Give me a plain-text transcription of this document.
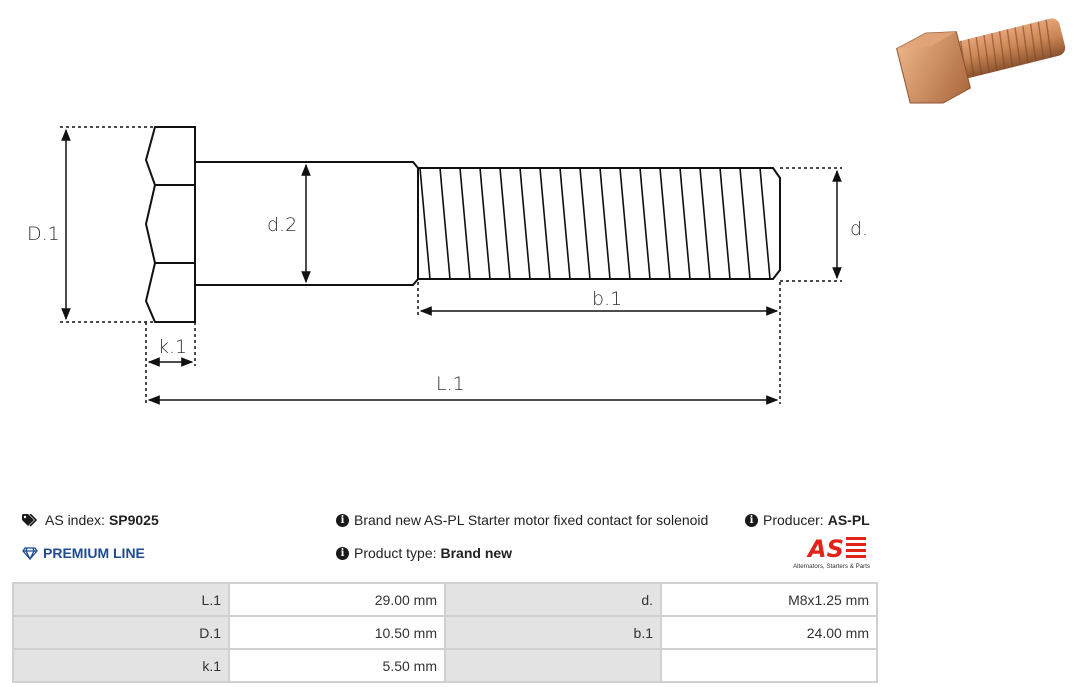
D.1	d.2	d.
b.1
k.1
L.1
AS index: SP9025
PREMIUM LINE
i Brand new AS-PL Starter motor fixed contact for solenoid	i Producer: AS-PL
i Product type: Brand new	AS
Alternators, Starters & Parts
L.1	29.00 mm	d.	M8x1.25 mm
D.1	10.50 mm	b.1	24.00 mm
k.1	5.50 mm		
